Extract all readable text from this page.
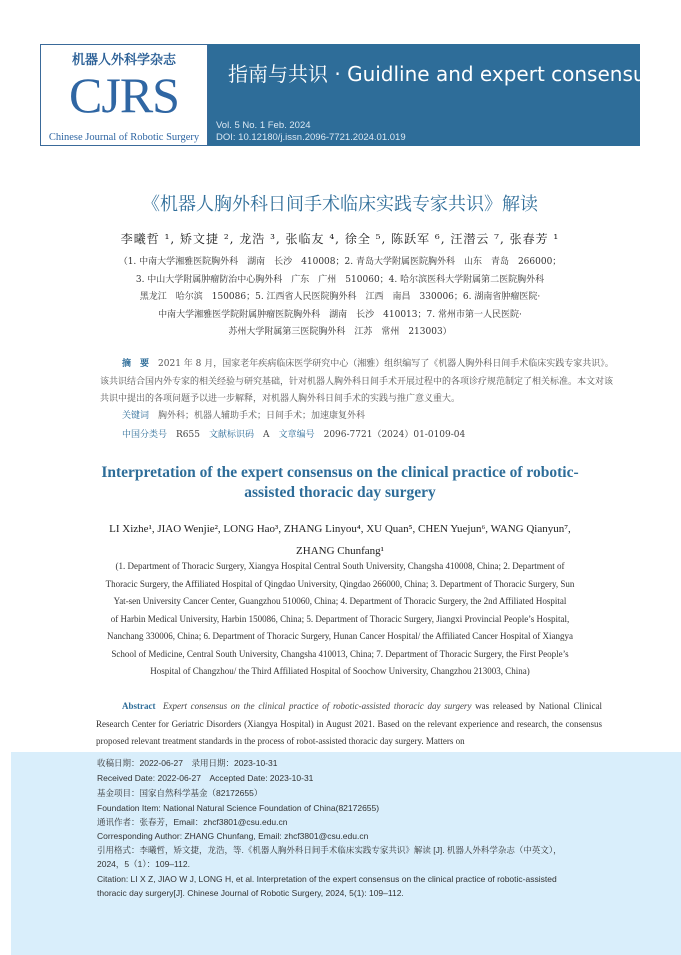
机器人外科学杂志
CJRS
Chinese Journal of Robotic Surgery
指南与共识 · Guidline and expert consensus
Vol. 5 No. 1 Feb. 2024
DOI: 10.12180/j.issn.2096-7721.2024.01.019
《机器人胸外科日间手术临床实践专家共识》解读
李曦哲 ¹, 矫文捷 ², 龙浩 ³, 张临友 ⁴, 徐全 ⁵, 陈跃军 ⁶, 汪潜云 ⁷, 张春芳 ¹
（1. 中南大学湘雅医院胸外科　湖南　长沙　410008；2. 青岛大学附属医院胸外科　山东　青岛　266000；
3. 中山大学附属肿瘤防治中心胸外科　广东　广州　510060；4. 哈尔滨医科大学附属第二医院胸外科
黑龙江　哈尔滨　150086；5. 江西省人民医院胸外科　江西　南昌　330006；6. 湖南省肿瘤医院·
中南大学湘雅医学院附属肿瘤医院胸外科　湖南　长沙　410013；7. 常州市第一人民医院·
苏州大学附属第三医院胸外科　江苏　常州　213003）
摘　要　 2021 年 8 月，国家老年疾病临床医学研究中心（湘雅）组织编写了《机器人胸外科日间手术临床实践专家共识》。该共识结合国内外专家的相关经验与研究基础，针对机器人胸外科日间手术开展过程中的各项诊疗规范制定了相关标准。本文对该共识中提出的各项问题予以进一步解释，对机器人胸外科日间手术的实践与推广意义重大。
关键词　 胸外科；机器人辅助手术；日间手术；加速康复外科
中国分类号　 R655　 文献标识码　 A　 文章编号　 2096-7721（2024）01-0109-04
Interpretation of the expert consensus on the clinical practice of robotic-
assisted thoracic day surgery
LI Xizhe¹, JIAO Wenjie², LONG Hao³, ZHANG Linyou⁴, XU Quan⁵, CHEN Yuejun⁶, WANG Qianyun⁷,
ZHANG Chunfang¹
(1. Department of Thoracic Surgery, Xiangya Hospital Central South University, Changsha 410008, China; 2. Department of
Thoracic Surgery, the Affiliated Hospital of Qingdao University, Qingdao 266000, China; 3. Department of Thoracic Surgery, Sun
Yat-sen University Cancer Center, Guangzhou 510060, China; 4. Department of Thoracic Surgery, the 2nd Affiliated Hospital
of Harbin Medical University, Harbin 150086, China; 5. Department of Thoracic Surgery, Jiangxi Provincial People’s Hospital,
Nanchang 330006, China; 6. Department of Thoracic Surgery, Hunan Cancer Hospital/ the Affiliated Cancer Hospital of Xiangya
School of Medicine, Central South University, Changsha 410013, China; 7. Department of Thoracic Surgery, the First People’s
Hospital of Changzhou/ the Third Affiliated Hospital of Soochow University, Changzhou 213003, China)
Abstract Expert consensus on the clinical practice of robotic-assisted thoracic day surgery was released by National Clinical Research Center for Geriatric Disorders (Xiangya Hospital) in August 2021. Based on the relevant experience and research, the consensus proposed relevant treatment standards in the process of robot-assisted thoracic day surgery. Matters on
收稿日期：2022-06-27　录用日期：2023-10-31
Received Date: 2022-06-27　Accepted Date: 2023-10-31
基金项目：国家自然科学基金（82172655）
Foundation Item: National Natural Science Foundation of China(82172655)
通讯作者：张春芳，Email：zhcf3801@csu.edu.cn
Corresponding Author: ZHANG Chunfang, Email: zhcf3801@csu.edu.cn
引用格式：李曦哲，矫文捷，龙浩，等.《机器人胸外科日间手术临床实践专家共识》解读 [J]. 机器人外科学杂志（中英文），
2024，5（1）：109–112.
Citation: LI X Z, JIAO W J, LONG H, et al. Interpretation of the expert consensus on the clinical practice of robotic-assisted
thoracic day surgery[J]. Chinese Journal of Robotic Surgery, 2024, 5(1): 109–112.
